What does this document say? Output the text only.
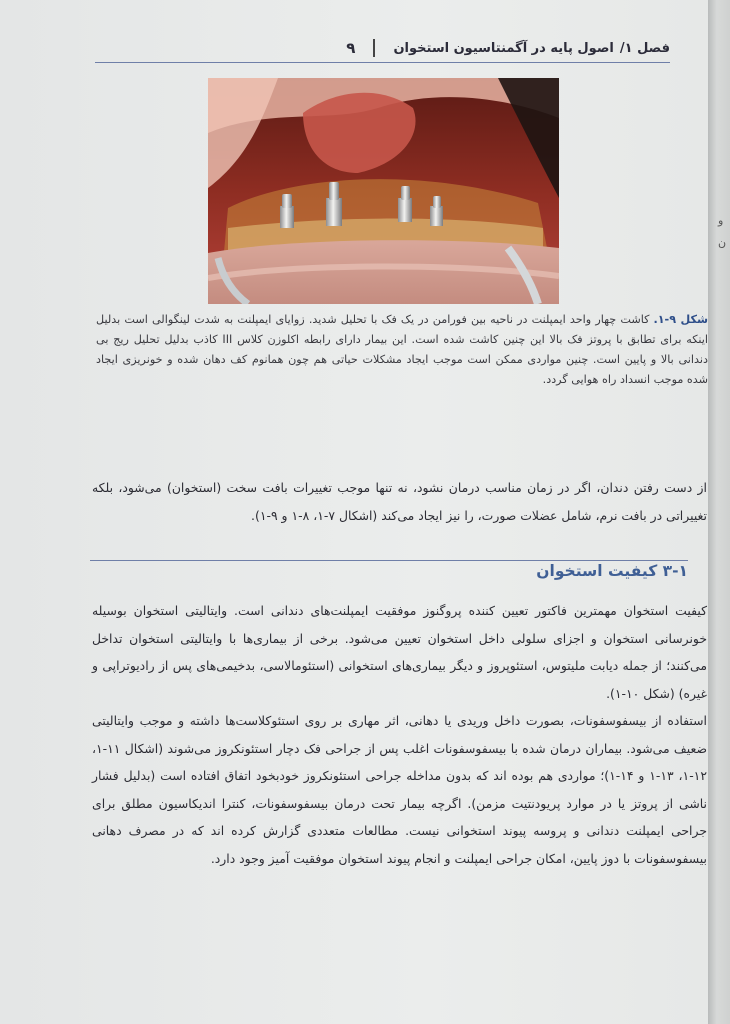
و
ن
فصل ۱/
اصول پایه در آگمنتاسیون استخوان
۹
شکل ۹-۱.کاشت چهار واحد ایمپلنت در ناحیه بین فورامن در یک فک با تحلیل شدید. زوایای ایمپلنت به شدت لینگوالی است بدلیل اینکه برای تطابق با پروتز فک بالا این چنین کاشت شده است. این بیمار دارای رابطه اکلوزن کلاس III کاذب بدلیل تحلیل ریج بی دندانی بالا و پایین است. چنین مواردی ممکن است موجب ایجاد مشکلات حیاتی هم چون همانوم کف دهان شده و خونریزی ایجاد شده موجب انسداد راه هوایی گردد.
از دست رفتن دندان، اگر در زمان مناسب درمان نشود، نه تنها موجب تغییرات بافت سخت (استخوان) می‌شود، بلکه تغییراتی در بافت نرم، شامل عضلات صورت، را نیز ایجاد می‌کند (اشکال ۷-۱، ۸-۱ و ۹-۱).
۳-۱ کیفیت استخوان
کیفیت استخوان مهمترین فاکتور تعیین کننده پروگنوز موفقیت ایمپلنت‌های دندانی است. وایتالیتی استخوان بوسیله خونرسانی استخوان و اجزای سلولی داخل استخوان تعیین می‌شود. برخی از بیماری‌ها با وایتالیتی استخوان تداخل می‌کنند؛ از جمله دیابت ملیتوس، استئوپروز و دیگر بیماری‌های استخوانی (استئومالاسی، بدخیمی‌های پس از رادیوتراپی و غیره) (شکل ۱۰-۱).
استفاده از بیسفوسفونات، بصورت داخل وریدی یا دهانی، اثر مهاری بر روی استئوکلاست‌ها داشته و موجب وایتالیتی ضعیف می‌شود. بیماران درمان شده با بیسفوسفونات اغلب پس از جراحی فک دچار استئونکروز می‌شوند (اشکال ۱۱-۱، ۱۲-۱، ۱۳-۱ و ۱۴-۱)؛ مواردی هم بوده اند که بدون مداخله جراحی استئونکروز خودبخود اتفاق افتاده است (بدلیل فشار ناشی از پروتز یا در موارد پریودنتیت مزمن). اگرچه بیمار تحت درمان بیسفوسفونات، کنترا اندیکاسیون مطلق برای جراحی ایمپلنت دندانی و پروسه پیوند استخوانی نیست. مطالعات متعددی گزارش کرده اند که در مصرف دهانی بیسفوسفونات با دوز پایین، امکان جراحی ایمپلنت و انجام پیوند استخوان موفقیت آمیز وجود دارد.
